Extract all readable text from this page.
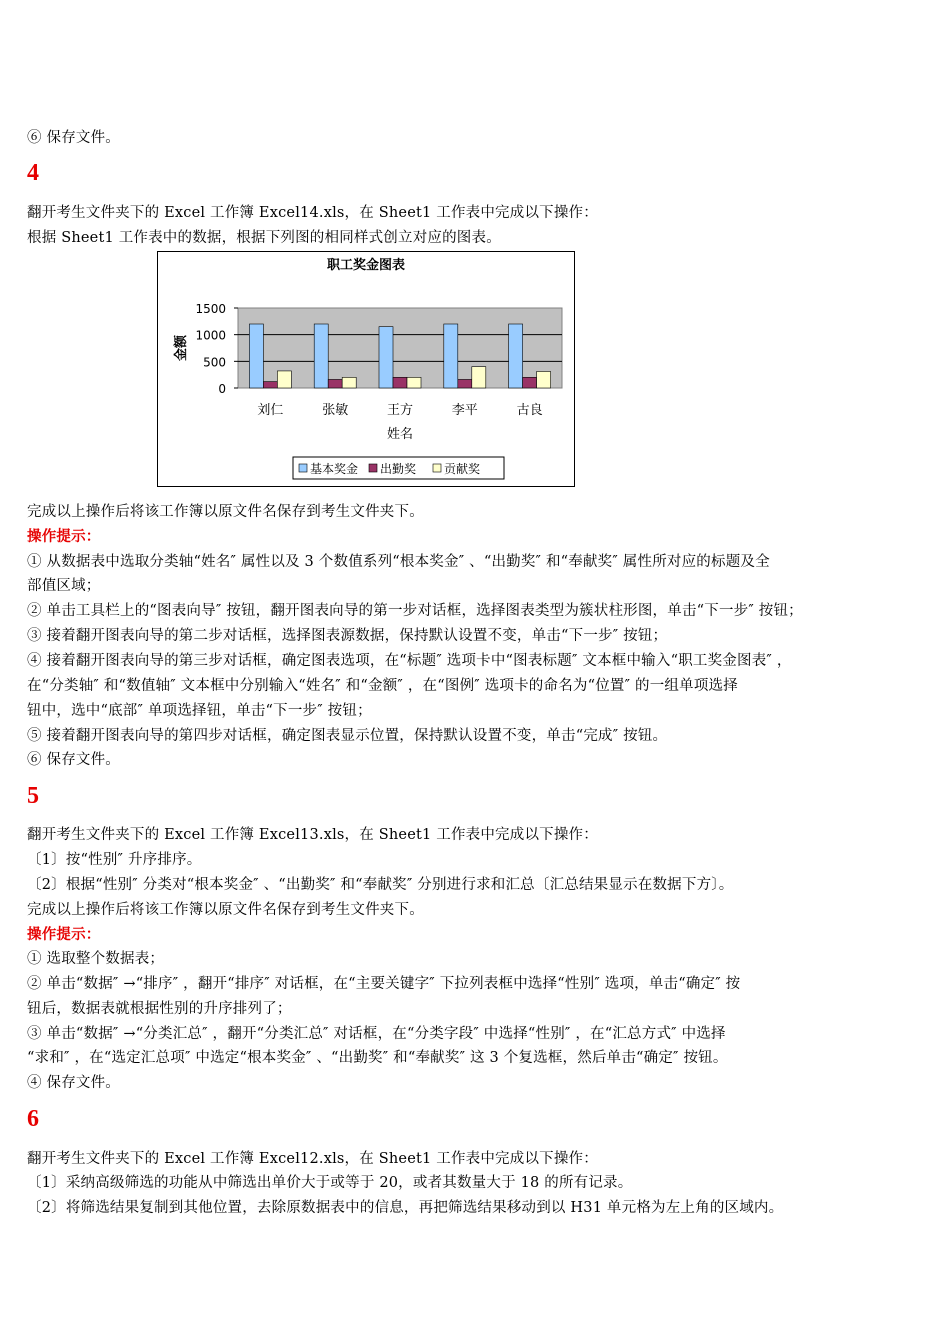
⑥ 保存文件。
4
翻开考生文件夹下的 Excel 工作簿 Excel14.xls，在 Sheet1 工作表中完成以下操作：
根据 Sheet1 工作表中的数据，根据下列图的相同样式创立对应的图表。
职工奖金图表
0
500
1000
1500
金额
刘仁	张敏	王方	李平	古良
姓名
基本奖金 出勤奖 贡献奖
完成以上操作后将该工作簿以原文件名保存到考生文件夹下。
操作提示：
① 从数据表中选取分类轴“姓名″ 属性以及 3 个数值系列“根本奖金″ 、“出勤奖″ 和“奉献奖″ 属性所对应的标题及全
部值区域；
② 单击工具栏上的“图表向导″ 按钮，翻开图表向导的第一步对话框，选择图表类型为簇状柱形图，单击“下一步″ 按钮；
③ 接着翻开图表向导的第二步对话框，选择图表源数据，保持默认设置不变，单击“下一步″ 按钮；
④ 接着翻开图表向导的第三步对话框，确定图表选项，在“标题″ 选项卡中“图表标题″ 文本框中输入“职工奖金图表″ ，
在“分类轴″ 和“数值轴″ 文本框中分别输入“姓名″ 和“金额″ ，在“图例″ 选项卡的命名为“位置″ 的一组单项选择
钮中，选中“底部″ 单项选择钮，单击“下一步″ 按钮；
⑤ 接着翻开图表向导的第四步对话框，确定图表显示位置，保持默认设置不变，单击“完成″ 按钮。
⑥ 保存文件。
5
翻开考生文件夹下的 Excel 工作簿 Excel13.xls，在 Sheet1 工作表中完成以下操作：
〔1〕按“性别″ 升序排序。
〔2〕根据“性别″ 分类对“根本奖金″ 、“出勤奖″ 和“奉献奖″ 分别进行求和汇总〔汇总结果显示在数据下方〕。
完成以上操作后将该工作簿以原文件名保存到考生文件夹下。
操作提示：
① 选取整个数据表；
② 单击“数据″ →“排序″ ，翻开“排序″ 对话框，在“主要关键字″ 下拉列表框中选择“性别″ 选项，单击“确定″ 按
钮后，数据表就根据性别的升序排列了；
③ 单击“数据″ →“分类汇总″ ，翻开“分类汇总″ 对话框，在“分类字段″ 中选择“性别″ ，在“汇总方式″ 中选择
“求和″ ，在“选定汇总项″ 中选定“根本奖金″ 、“出勤奖″ 和“奉献奖″ 这 3 个复选框，然后单击“确定″ 按钮。
④ 保存文件。
6
翻开考生文件夹下的 Excel 工作簿 Excel12.xls，在 Sheet1 工作表中完成以下操作：
〔1〕采纳高级筛选的功能从中筛选出单价大于或等于 20，或者其数量大于 18 的所有记录。
〔2〕将筛选结果复制到其他位置，去除原数据表中的信息，再把筛选结果移动到以 H31 单元格为左上角的区域内。
